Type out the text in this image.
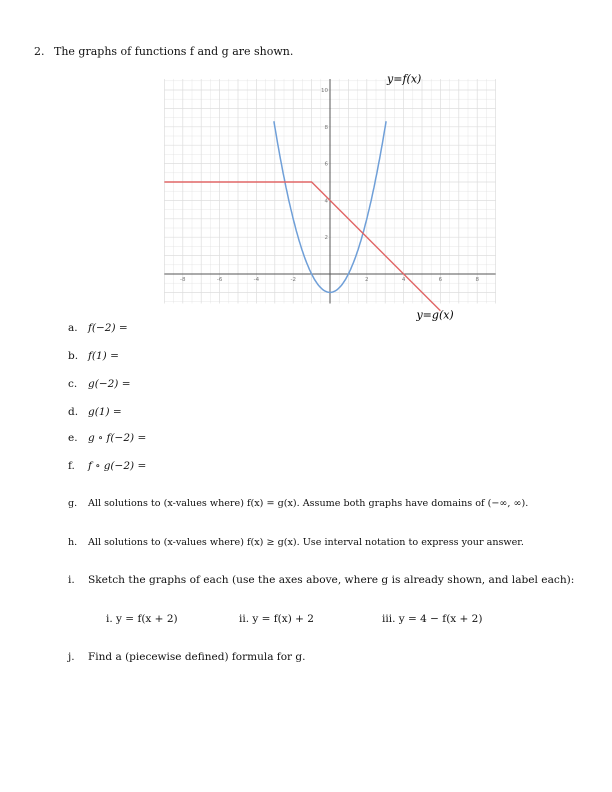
2. The graphs of functions f and g are shown.
-8	-6	-4	-2	2	4	6	8
2
4
6
8
10
y=f(x)
y=g(x)
a. f(−2) =
b. f(1) =
c. g(−2) =
d. g(1) =
e. g ∘ f(−2) =
f. f ∘ g(−2) =
g. All solutions to (x-values where) f(x) = g(x). Assume both graphs have domains of (−∞, ∞).
h. All solutions to (x-values where) f(x) ≥ g(x). Use interval notation to express your answer.
i. Sketch the graphs of each (use the axes above, where g is already shown, and label each):
i. y = f(x + 2)	ii. y = f(x) + 2	iii. y = 4 − f(x + 2)
j. Find a (piecewise defined) formula for g.
